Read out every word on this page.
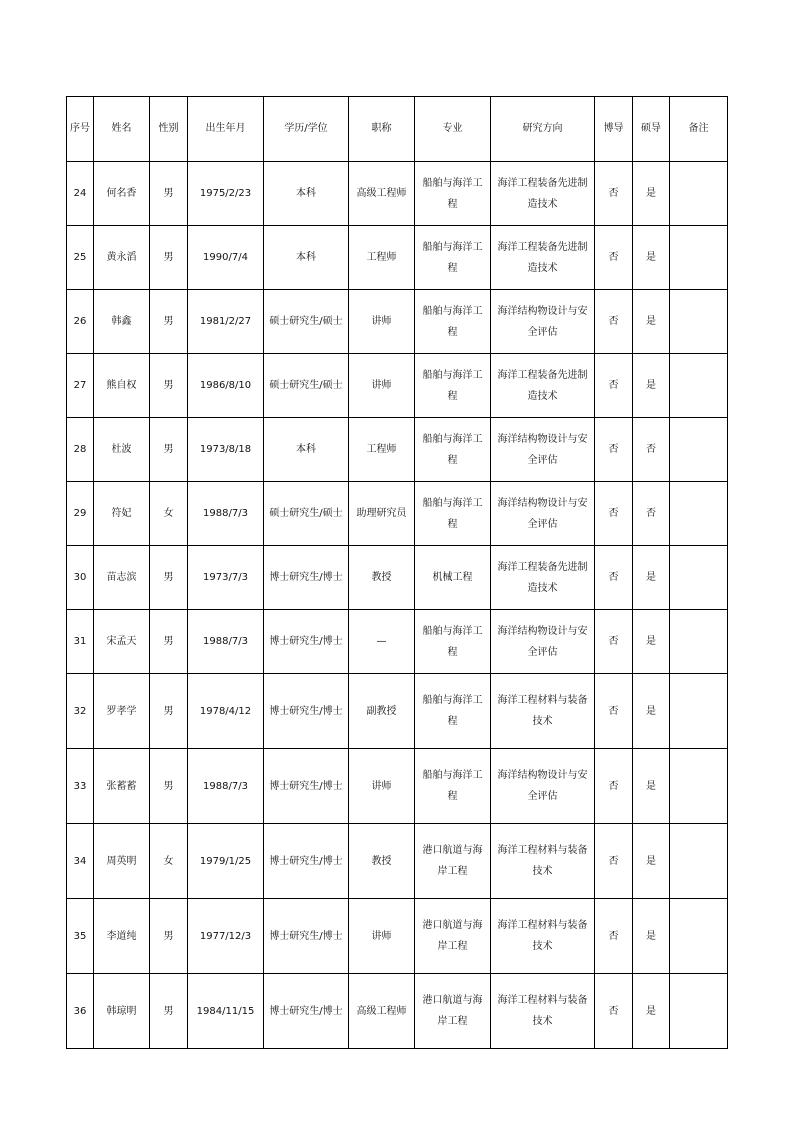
序号	姓名	性别	出生年月	学历/学位	职称	专业	研究方向	博导	硕导	备注
24	何名香	男	1975/2/23	本科	高级工程师	船舶与海洋工程	海洋工程装备先进制造技术	否	是	
25	黄永滔	男	1990/7/4	本科	工程师	船舶与海洋工程	海洋工程装备先进制造技术	否	是	
26	韩鑫	男	1981/2/27	硕士研究生/硕士	讲师	船舶与海洋工程	海洋结构物设计与安全评估	否	是	
27	熊自权	男	1986/8/10	硕士研究生/硕士	讲师	船舶与海洋工程	海洋工程装备先进制造技术	否	是	
28	杜波	男	1973/8/18	本科	工程师	船舶与海洋工程	海洋结构物设计与安全评估	否	否	
29	符妃	女	1988/7/3	硕士研究生/硕士	助理研究员	船舶与海洋工程	海洋结构物设计与安全评估	否	否	
30	苗志滨	男	1973/7/3	博士研究生/博士	教授	机械工程	海洋工程装备先进制造技术	否	是	
31	宋孟天	男	1988/7/3	博士研究生/博士	—	船舶与海洋工程	海洋结构物设计与安全评估	否	是	
32	罗孝学	男	1978/4/12	博士研究生/博士	副教授	船舶与海洋工程	海洋工程材料与装备技术	否	是	
33	张蓄蓄	男	1988/7/3	博士研究生/博士	讲师	船舶与海洋工程	海洋结构物设计与安全评估	否	是	
34	周英明	女	1979/1/25	博士研究生/博士	教授	港口航道与海岸工程	海洋工程材料与装备技术	否	是	
35	李道纯	男	1977/12/3	博士研究生/博士	讲师	港口航道与海岸工程	海洋工程材料与装备技术	否	是	
36	韩琼明	男	1984/11/15	博士研究生/博士	高级工程师	港口航道与海岸工程	海洋工程材料与装备技术	否	是	
